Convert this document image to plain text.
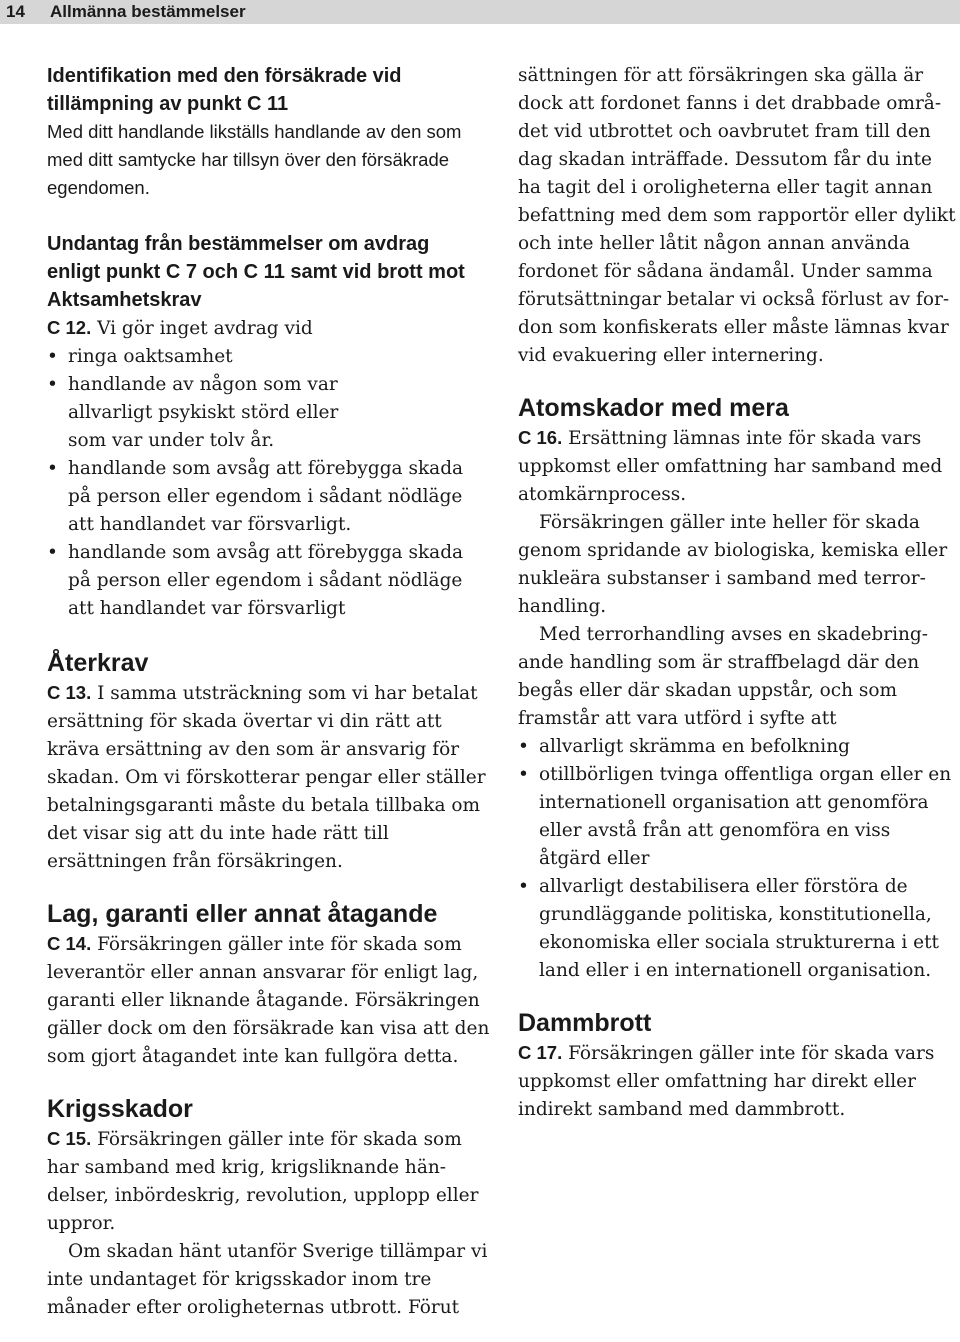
14 Allmänna bestämmelser
Identifikation med den försäkrade vid tillämpning av punkt C 11

Med ditt handlande likställs handlande av den som med ditt samtycke har tillsyn över den försäkrade egendomen.

Undantag från bestämmelser om avdrag enligt punkt C 7 och C 11 samt vid brott mot Aktsamhetskrav

C 12. Vi gör inget avdrag vid

• ringa oaktsamhet
• handlande av någon som var allvarligt psykiskt störd eller som var under tolv år.
• handlande som avsåg att förebygga skada på person eller egendom i sådant nödläge att handlandet var försvarligt.
• handlande som avsåg att förebygga skada på person eller egendom i sådant nödläge att handlandet var försvarligt
Återkrav

C 13. I samma utsträckning som vi har betalat ersättning för skada övertar vi din rätt att kräva ersättning av den som är ansvarig för skadan. Om vi förskotterar pengar eller ställer betalningsgaranti måste du betala tillbaka om det visar sig att du inte hade rätt till ersättningen från försäkringen.

Lag, garanti eller annat åtagande

C 14. Försäkringen gäller inte för skada som leverantör eller annan ansvarar för enligt lag, garanti eller liknande åtagande. Försäkringen gäller dock om den försäkrade kan visa att den som gjort åtagandet inte kan fullgöra detta.

Krigsskador

C 15. Försäkringen gäller inte för skada som har samband med krig, krigsliknande händelser, inbördeskrig, revolution, upplopp eller uppror.

Om skadan hänt utanför Sverige tillämpar vi inte undantaget för krigsskador inom tre månader efter oroligheternas utbrott. Förut

sättningen för att försäkringen ska gälla är dock att fordonet fanns i det drabbade området vid utbrottet och oavbrutet fram till den dag skadan inträffade. Dessutom får du inte ha tagit del i oroligheterna eller tagit annan befattning med dem som rapportör eller dylikt och inte heller låtit någon annan använda fordonet för sådana ändamål. Under samma förutsättningar betalar vi också förlust av fordon som konfiskerats eller måste lämnas kvar vid evakuering eller internering.

Atomskador med mera

C 16. Ersättning lämnas inte för skada vars uppkomst eller omfattning har samband med atomkärnprocess.

Försäkringen gäller inte heller för skada genom spridande av biologiska, kemiska eller nukleära substanser i samband med terrorhandling.

Med terrorhandling avses en skadebringande handling som är straffbelagd där den begås eller där skadan uppstår, och som framstår att vara utförd i syfte att

• allvarligt skrämma en befolkning
• otillbörligen tvinga offentliga organ eller en internationell organisation att genomföra eller avstå från att genomföra en viss åtgärd eller
• allvarligt destabilisera eller förstöra de grundläggande politiska, konstitutionella, ekonomiska eller sociala strukturerna i ett land eller i en internationell organisation.
Dammbrott

C 17. Försäkringen gäller inte för skada vars uppkomst eller omfattning har direkt eller indirekt samband med dammbrott.
